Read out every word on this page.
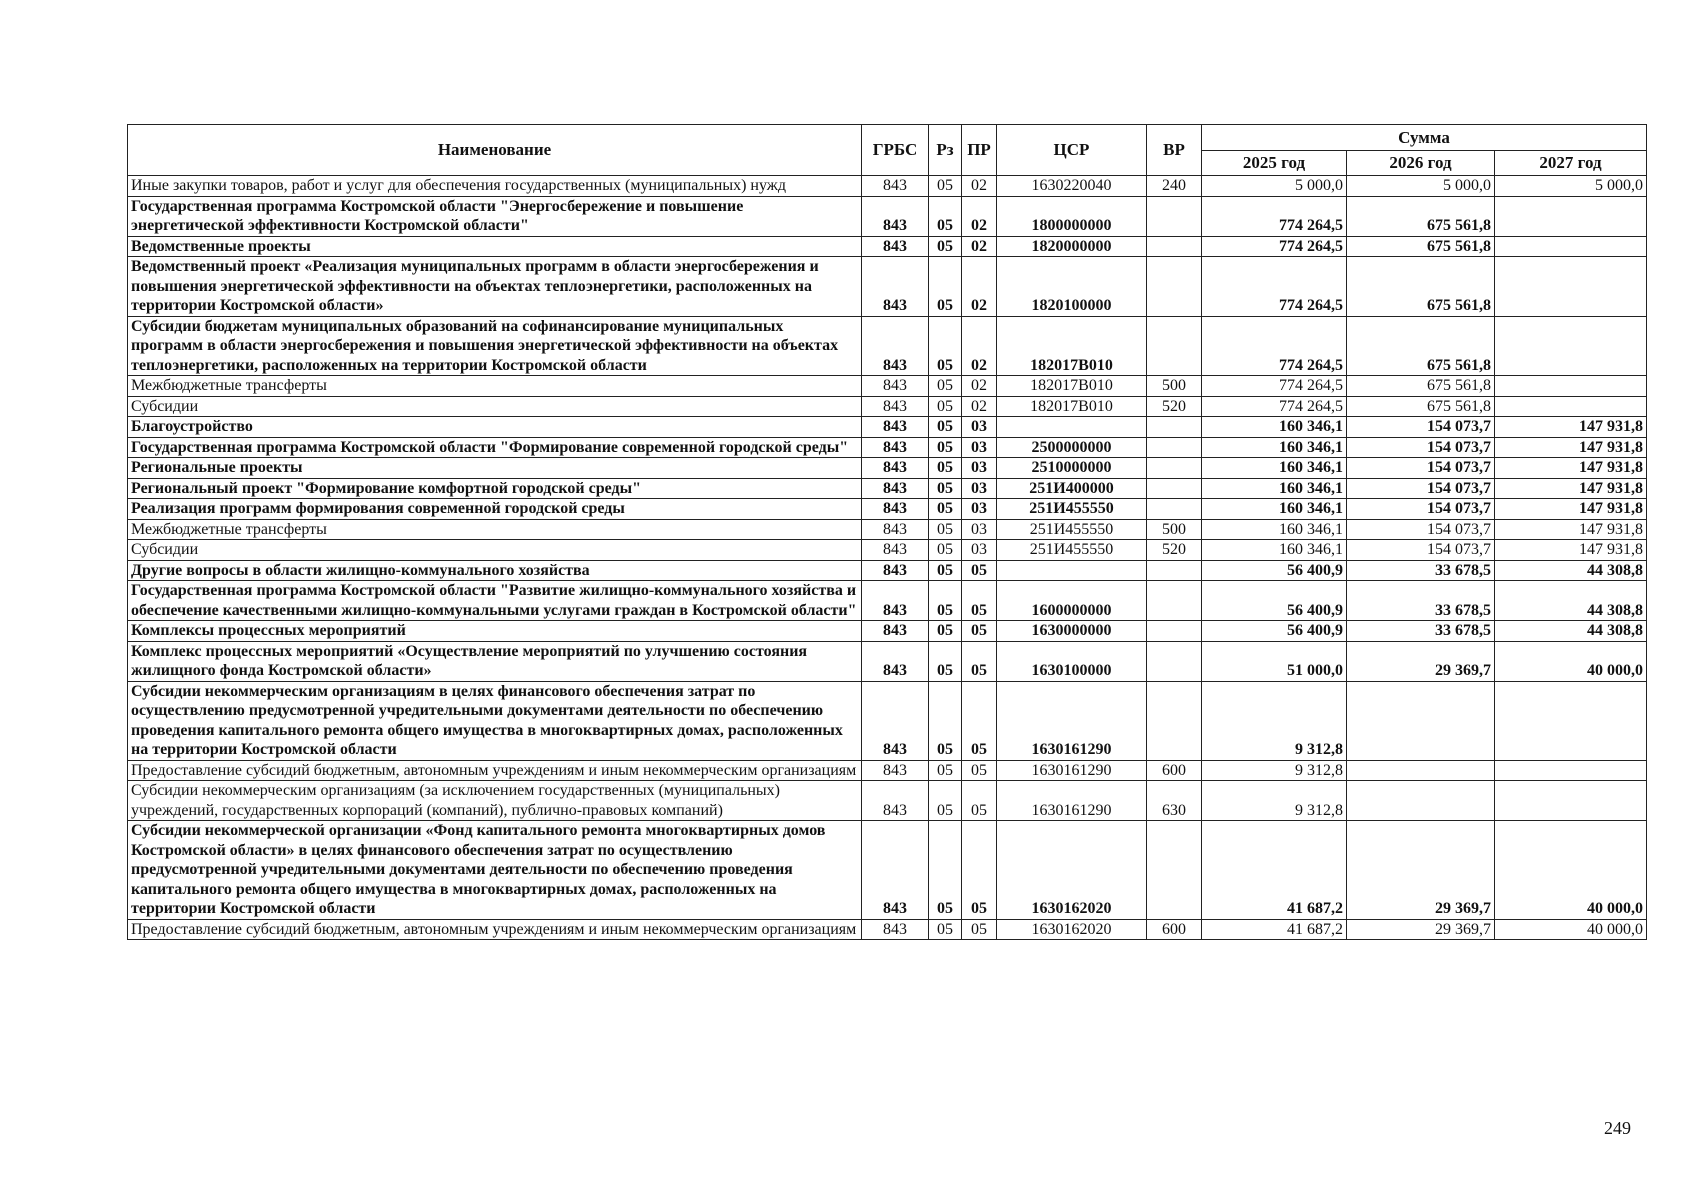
Наименование	ГРБС	Рз	ПР	ЦСР	ВР	Сумма		
						2025 год	2026 год	2027 год
Иные закупки товаров, работ и услуг для обеспечения государственных (муниципальных) нужд	843	05	02	1630220040	240	5 000,0	5 000,0	5 000,0
Государственная программа Костромской области "Энергосбережение и повышение энергетической эффективности Костромской области"	843	05	02	1800000000		774 264,5	675 561,8	
Ведомственные проекты	843	05	02	1820000000		774 264,5	675 561,8	
Ведомственный проект «Реализация муниципальных программ в области энергосбережения и повышения энергетической эффективности на объектах теплоэнергетики, расположенных на территории Костромской области»	843	05	02	1820100000		774 264,5	675 561,8	
Субсидии бюджетам муниципальных образований на софинансирование муниципальных программ в области энергосбережения и повышения энергетической эффективности на объектах теплоэнергетики, расположенных на территории Костромской области	843	05	02	182017В010		774 264,5	675 561,8	
Межбюджетные трансферты	843	05	02	182017В010	500	774 264,5	675 561,8	
Субсидии	843	05	02	182017В010	520	774 264,5	675 561,8	
Благоустройство	843	05	03			160 346,1	154 073,7	147 931,8
Государственная программа Костромской области "Формирование современной городской среды"	843	05	03	2500000000		160 346,1	154 073,7	147 931,8
Региональные проекты	843	05	03	2510000000		160 346,1	154 073,7	147 931,8
Региональный проект "Формирование комфортной городской среды"	843	05	03	251И400000		160 346,1	154 073,7	147 931,8
Реализация программ формирования современной городской среды	843	05	03	251И455550		160 346,1	154 073,7	147 931,8
Межбюджетные трансферты	843	05	03	251И455550	500	160 346,1	154 073,7	147 931,8
Субсидии	843	05	03	251И455550	520	160 346,1	154 073,7	147 931,8
Другие вопросы в области жилищно-коммунального хозяйства	843	05	05			56 400,9	33 678,5	44 308,8
Государственная программа Костромской области "Развитие жилищно-коммунального хозяйства и обеспечение качественными жилищно-коммунальными услугами граждан в Костромской области"	843	05	05	1600000000		56 400,9	33 678,5	44 308,8
Комплексы процессных мероприятий	843	05	05	1630000000		56 400,9	33 678,5	44 308,8
Комплекс процессных мероприятий «Осуществление мероприятий по улучшению состояния жилищного фонда Костромской области»	843	05	05	1630100000		51 000,0	29 369,7	40 000,0
Субсидии некоммерческим организациям в целях финансового обеспечения затрат по осуществлению предусмотренной учредительными документами деятельности по обеспечению проведения капитального ремонта общего имущества в многоквартирных домах, расположенных на территории Костромской области	843	05	05	1630161290		9 312,8		
Предоставление субсидий бюджетным, автономным учреждениям и иным некоммерческим организациям	843	05	05	1630161290	600	9 312,8		
Субсидии некоммерческим организациям (за исключением государственных (муниципальных) учреждений, государственных корпораций (компаний), публично-правовых компаний)	843	05	05	1630161290	630	9 312,8		
Субсидии некоммерческой организации «Фонд капитального ремонта многоквартирных домов Костромской области» в целях финансового обеспечения затрат по осуществлению предусмотренной учредительными документами деятельности по обеспечению проведения капитального ремонта общего имущества в многоквартирных домах, расположенных на территории Костромской области	843	05	05	1630162020		41 687,2	29 369,7	40 000,0
Предоставление субсидий бюджетным, автономным учреждениям и иным некоммерческим организациям	843	05	05	1630162020	600	41 687,2	29 369,7	40 000,0
249
